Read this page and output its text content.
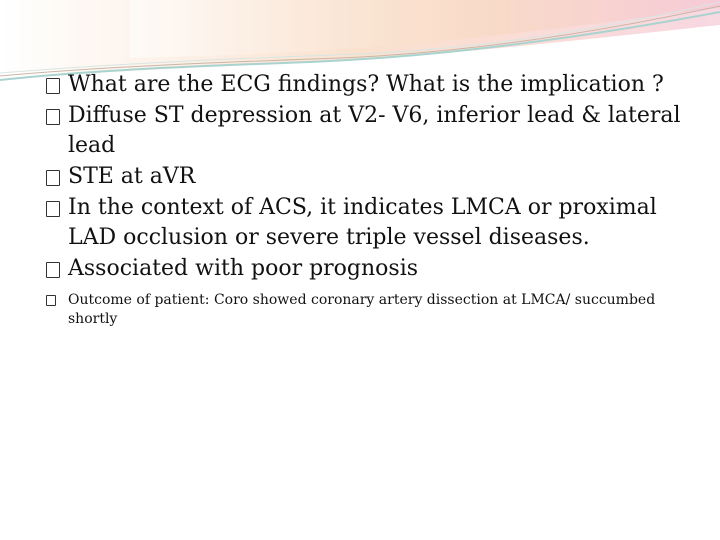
What are the ECG findings? What is the implication ?
Diffuse ST depression at V2- V6, inferior lead & lateral lead
STE at aVR
In the context of ACS, it indicates LMCA or proximal LAD occlusion or severe triple vessel diseases.
Associated with poor prognosis
Outcome of patient: Coro showed coronary artery dissection at LMCA/ succumbed shortly
